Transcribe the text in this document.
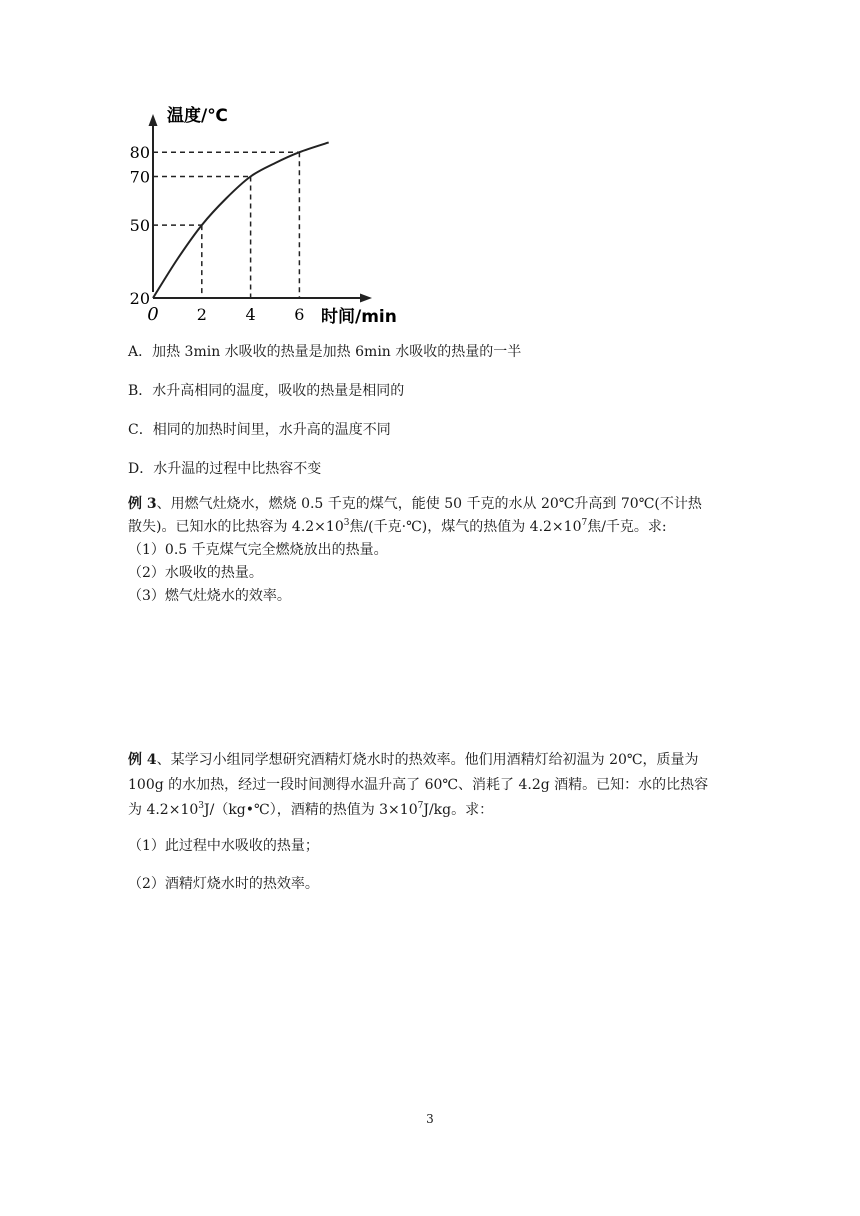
2 4 6
20
50
70
80
0
温度/℃
时间/min
A．加热 3min 水吸收的热量是加热 6min 水吸收的热量的一半
B．水升高相同的温度，吸收的热量是相同的
C．相同的加热时间里，水升高的温度不同
D．水升温的过程中比热容不变
例 3、用燃气灶烧水，燃烧 0.5 千克的煤气，能使 50 千克的水从 20℃升高到 70℃(不计热
散失)。已知水的比热容为 $4.2\times 10^3$焦/(千克·℃)，煤气的热值为 $4.2\times 10^7$焦/千克。求:
（1）0.5 千克煤气完全燃烧放出的热量。
（2）水吸收的热量。
（3）燃气灶烧水的效率。
例 4、某学习小组同学想研究酒精灯烧水时的热效率。他们用酒精灯给初温为 20℃，质量为
100g 的水加热，经过一段时间测得水温升高了 60℃、消耗了 4.2g 酒精。已知：水的比热容
为 $4.2\times 10^3J/(kg•℃)$，酒精的热值为 $3\times 10^7J/kg$。求：
（1）此过程中水吸收的热量；
（2）酒精灯烧水时的热效率。
3
